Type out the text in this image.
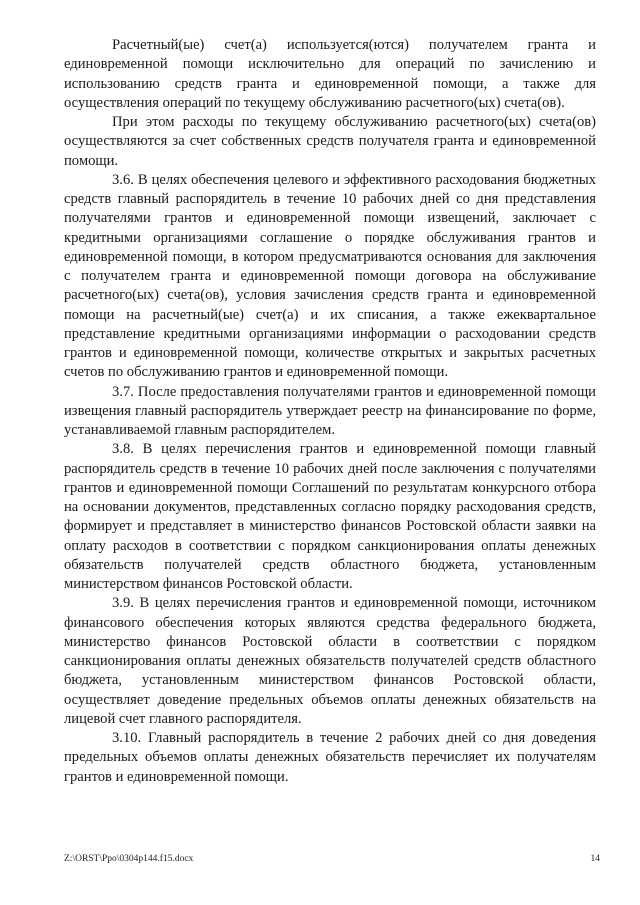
Расчетный(ые) счет(а) используется(ются) получателем гранта и единовременной помощи исключительно для операций по зачислению и использованию средств гранта и единовременной помощи, а также для осуществления операций по текущему обслуживанию расчетного(ых) счета(ов).

При этом расходы по текущему обслуживанию расчетного(ых) счета(ов) осуществляются за счет собственных средств получателя гранта и единовременной помощи.

3.6. В целях обеспечения целевого и эффективного расходования бюджетных средств главный распорядитель в течение 10 рабочих дней со дня представления получателями грантов и единовременной помощи извещений, заключает с кредитными организациями соглашение о порядке обслуживания грантов и единовременной помощи, в котором предусматриваются основания для заключения с получателем гранта и единовременной помощи договора на обслуживание расчетного(ых) счета(ов), условия зачисления средств гранта и единовременной помощи на расчетный(ые) счет(а) и их списания, а также ежеквартальное представление кредитными организациями информации о расходовании средств грантов и единовременной помощи, количестве открытых и закрытых расчетных счетов по обслуживанию грантов и единовременной помощи.

3.7. После предоставления получателями грантов и единовременной помощи извещения главный распорядитель утверждает реестр на финансирование по форме, устанавливаемой главным распорядителем.

3.8. В целях перечисления грантов и единовременной помощи главный распорядитель средств в течение 10 рабочих дней после заключения с получателями грантов и единовременной помощи Соглашений по результатам конкурсного отбора на основании документов, представленных согласно порядку расходования средств, формирует и представляет в министерство финансов Ростовской области заявки на оплату расходов в соответствии с порядком санкционирования оплаты денежных обязательств получателей средств областного бюджета, установленным министерством финансов Ростовской области.

3.9. В целях перечисления грантов и единовременной помощи, источником финансового обеспечения которых являются средства федерального бюджета, министерство финансов Ростовской области в соответствии с порядком санкционирования оплаты денежных обязательств получателей средств областного бюджета, установленным министерством финансов Ростовской области, осуществляет доведение предельных объемов оплаты денежных обязательств на лицевой счет главного распорядителя.

3.10. Главный распорядитель в течение 2 рабочих дней со дня доведения предельных объемов оплаты денежных обязательств перечисляет их получателям грантов и единовременной помощи.

Z:\ORST\Ppo\0304p144.f15.docx	14
